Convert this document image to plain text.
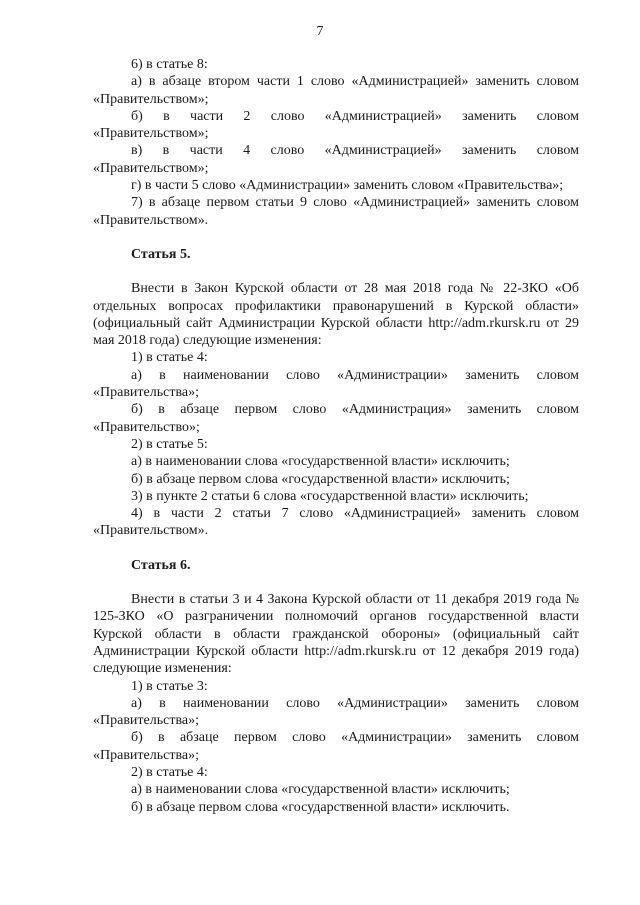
7

6) в статье 8:

а) в абзаце втором части 1 слово «Администрацией» заменить словом «Правительством»;

б) в части 2 слово «Администрацией» заменить словом «Правительством»;

в) в части 4 слово «Администрацией» заменить словом «Правительством»;

г) в части 5 слово «Администрации» заменить словом «Правительства»;

7) в абзаце первом статьи 9 слово «Администрацией» заменить словом «Правительством».

Статья 5.

Внести в Закон Курской области от 28 мая 2018 года № 22-ЗКО «Об отдельных вопросах профилактики правонарушений в Курской области» (официальный сайт Администрации Курской области http://adm.rkursk.ru от 29 мая 2018 года) следующие изменения:

1) в статье 4:

а) в наименовании слово «Администрации» заменить словом «Правительства»;

б) в абзаце первом слово «Администрация» заменить словом «Правительство»;

2) в статье 5:

а) в наименовании слова «государственной власти» исключить;

б) в абзаце первом слова «государственной власти» исключить;

3) в пункте 2 статьи 6 слова «государственной власти» исключить;

4) в части 2 статьи 7 слово «Администрацией» заменить словом «Правительством».

Статья 6.

Внести в статьи 3 и 4 Закона Курской области от 11 декабря 2019 года № 125-ЗКО «О разграничении полномочий органов государственной власти Курской области в области гражданской обороны» (официальный сайт Администрации Курской области http://adm.rkursk.ru от 12 декабря 2019 года) следующие изменения:

1) в статье 3:

а) в наименовании слово «Администрации» заменить словом «Правительства»;

б) в абзаце первом слово «Администрации» заменить словом «Правительства»;

2) в статье 4:

а) в наименовании слова «государственной власти» исключить;

б) в абзаце первом слова «государственной власти» исключить.
